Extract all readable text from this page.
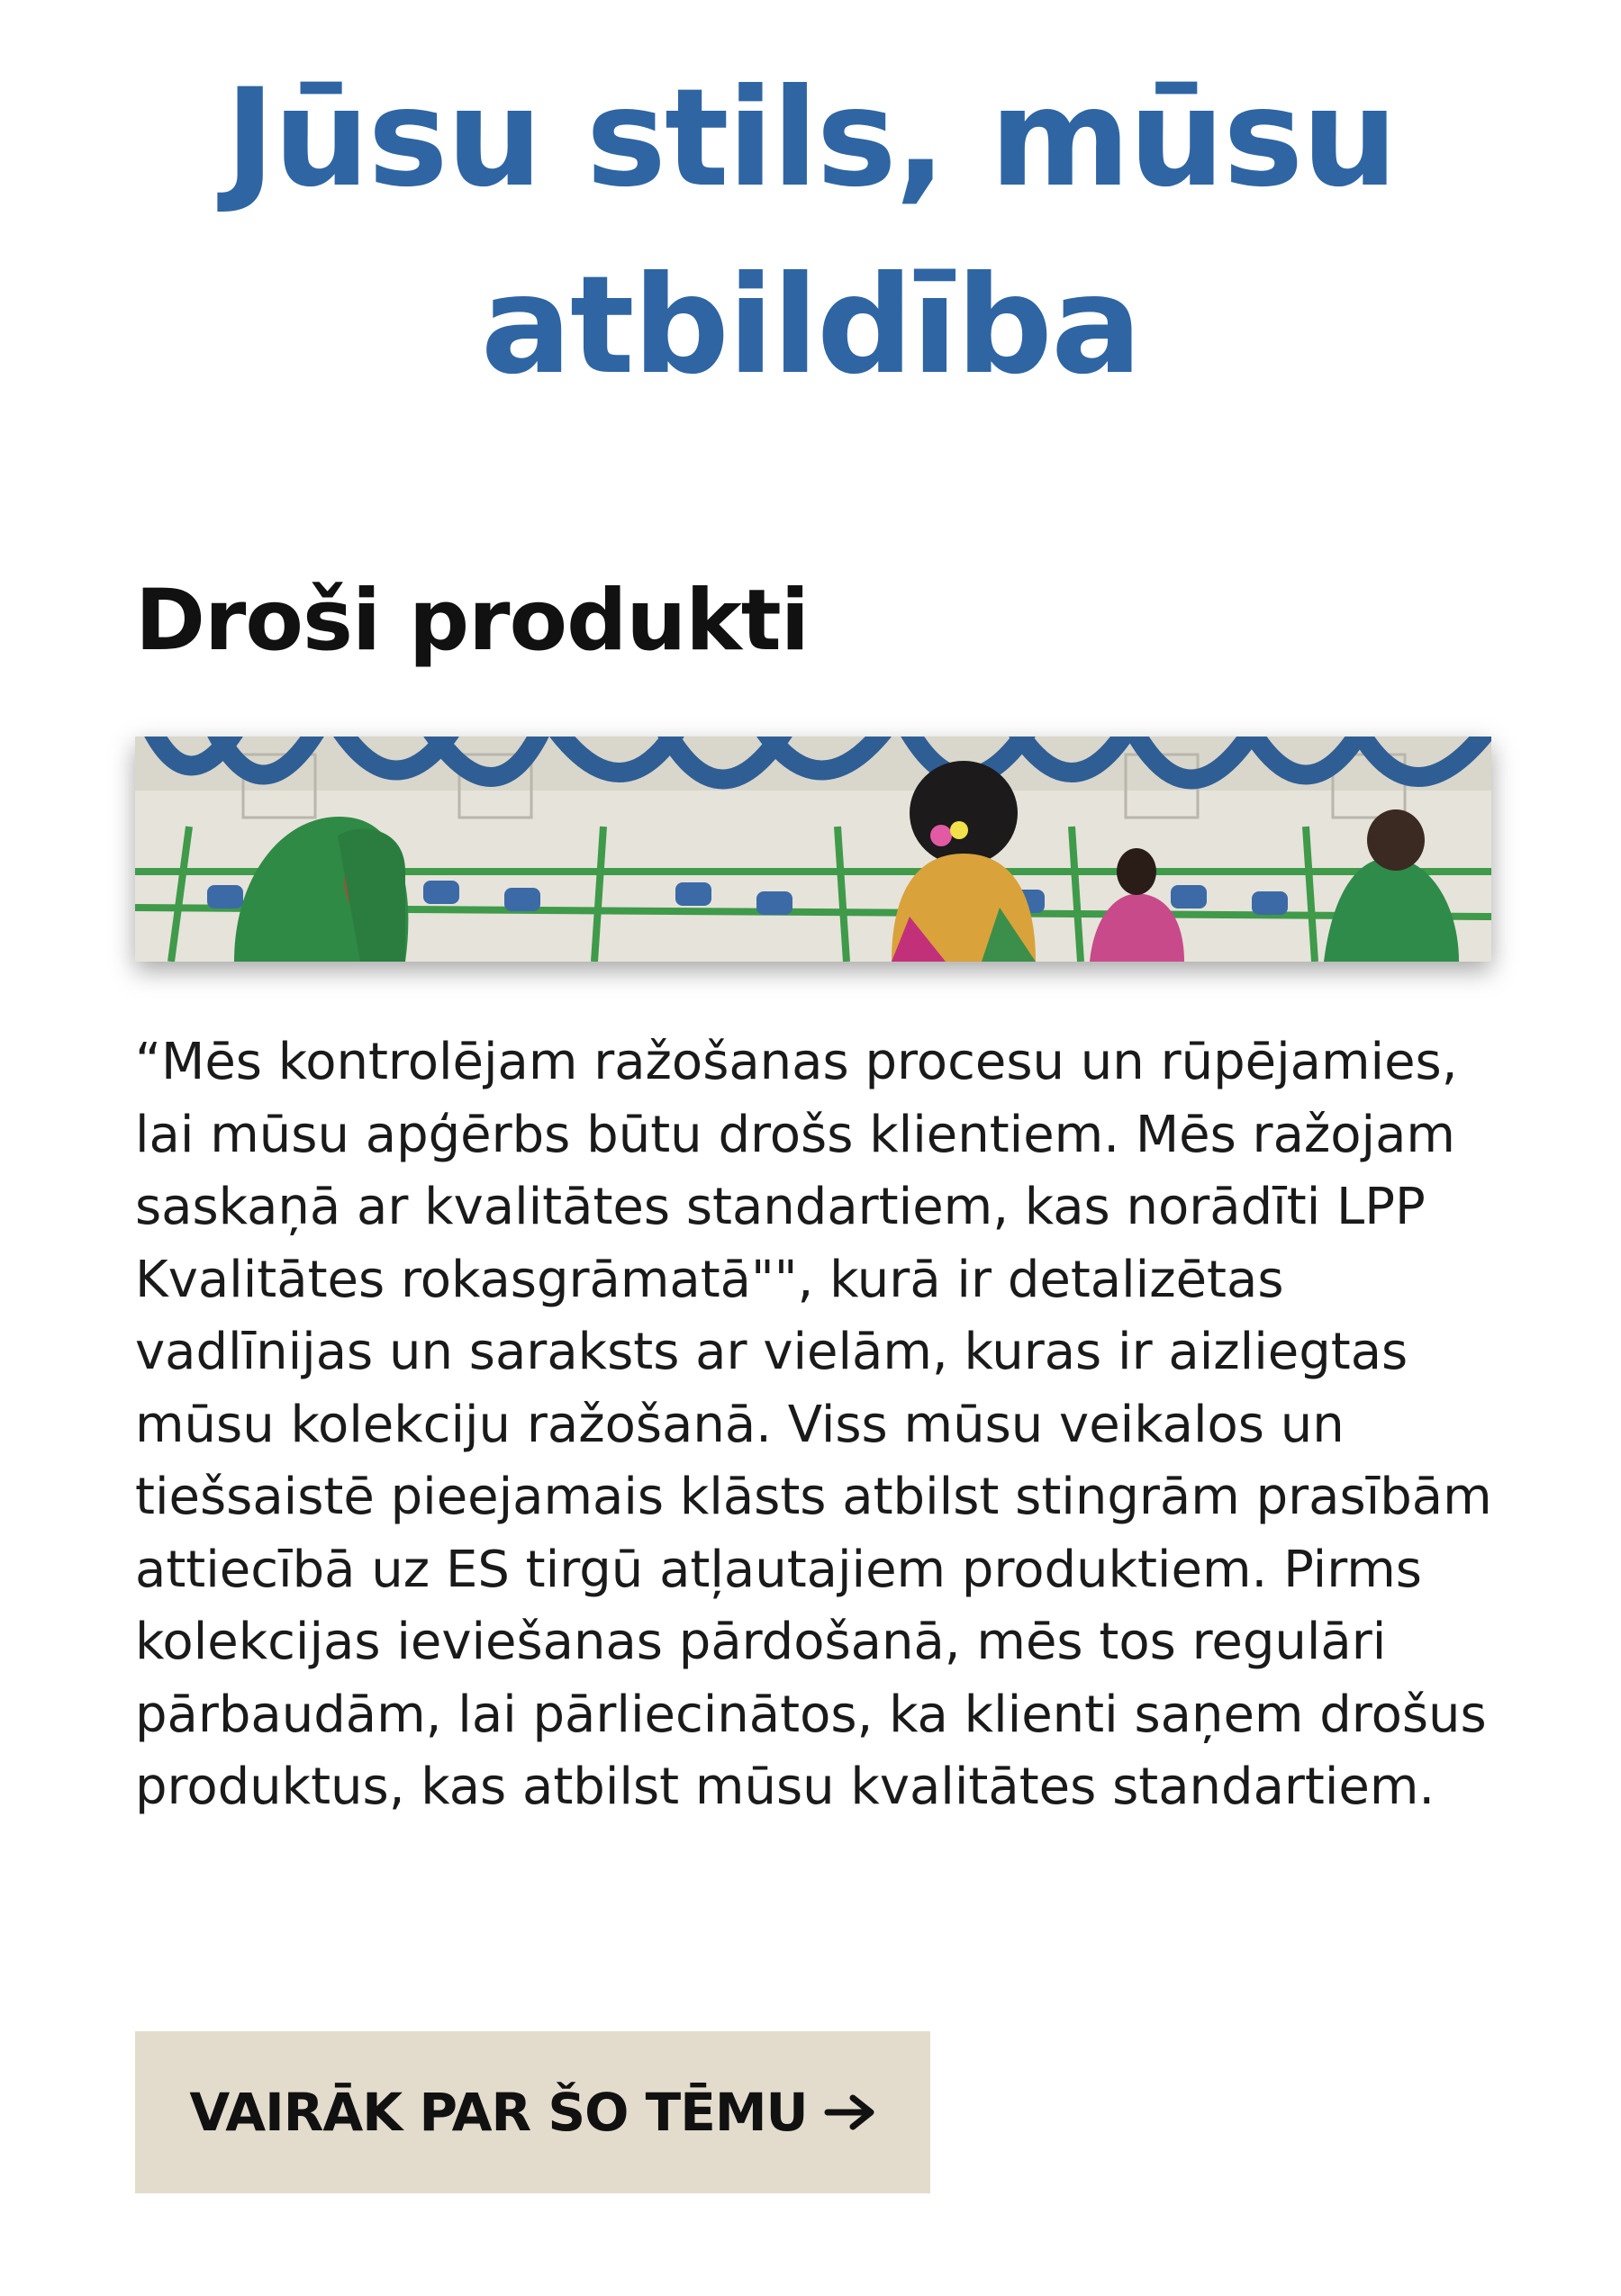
Jūsu stils, mūsu atbildība
Droši produkti

“Mēs kontrolējam ražošanas procesu un rūpējamies, lai mūsu apģērbs būtu drošs klientiem. Mēs ražojam saskaņā ar kvalitātes standartiem, kas norādīti LPP Kvalitātes rokasgrāmatā"", kurā ir detalizētas vadlīnijas un saraksts ar vielām, kuras ir aizliegtas mūsu kolekciju ražošanā. Viss mūsu veikalos un tiešsaistē pieejamais klāsts atbilst stingrām prasībām attiecībā uz ES tirgū atļautajiem produktiem. Pirms kolekcijas ieviešanas pārdošanā, mēs tos regulāri pārbaudām, lai pārliecinātos, ka klienti saņem drošus produktus, kas atbilst mūsu kvalitātes standartiem.

VAIRĀK PAR ŠO TĒMU
